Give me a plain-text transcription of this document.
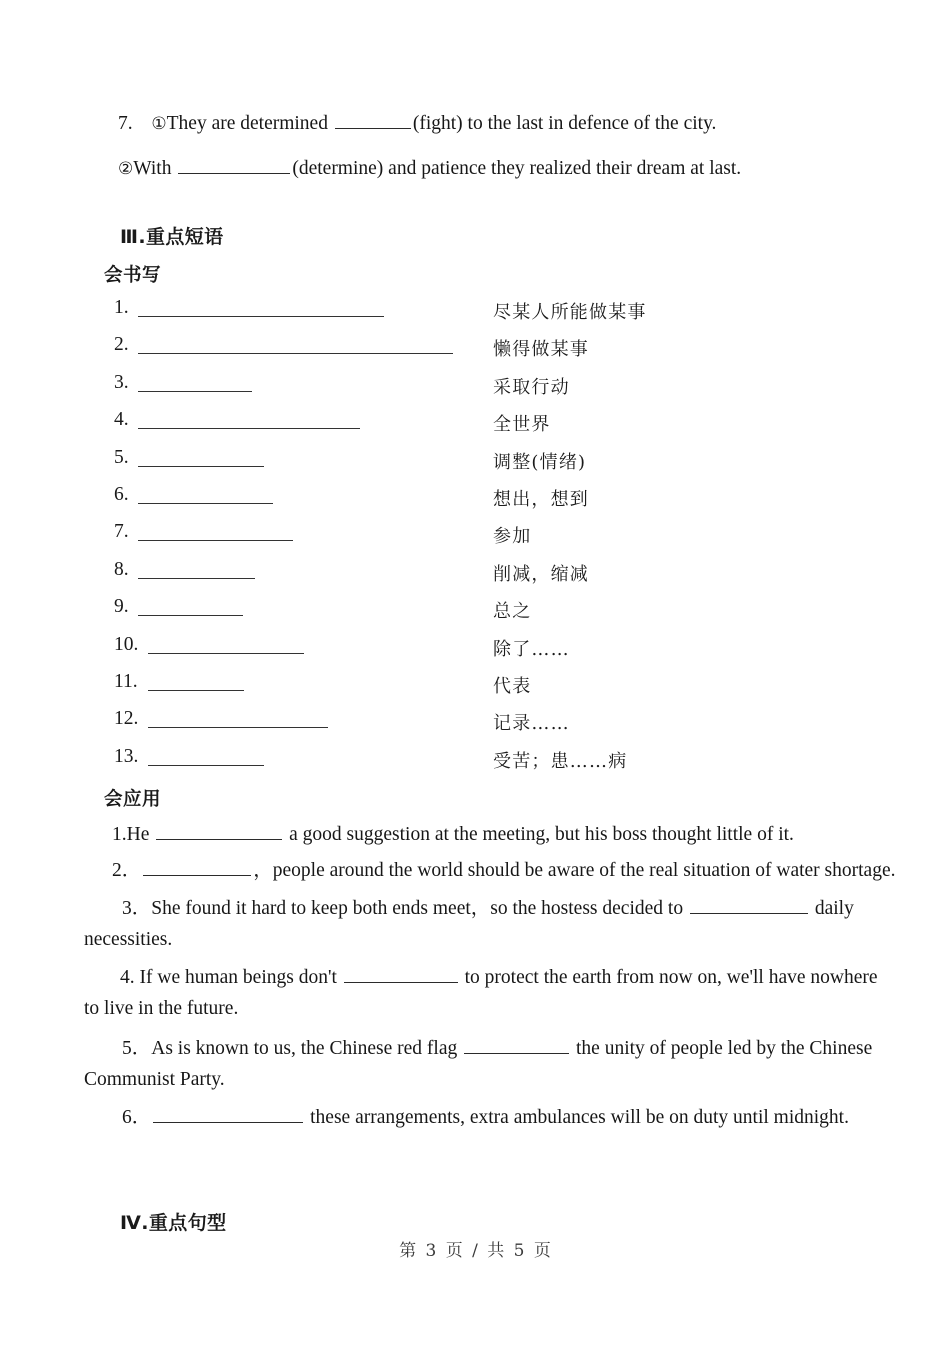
7. ①They are determined	(fight) to the last in defence of the city.
②With	(determine) and patience they realized their dream at last.
Ⅲ.重点短语
会书写
1.	尽某人所能做某事
2.	懒得做某事
3.	采取行动
4.	全世界
5.	调整(情绪)
6.	想出，想到
7.	参加
8.	削减，缩减
9.	总之
10.	除了……
11.	代表
12.	记录……
13.	受苦；患……病
会应用
1.He	a good suggestion at the meeting, but his boss thought little of it.
2．	，people around the world should be aware of the real situation of water shortage.
3．She found it hard to keep both ends meet，so the hostess decided to	daily
necessities.
4. If we human beings don't	to protect the earth from now on, we'll have nowhere
to live in the future.
5．As is known to us, the Chinese red flag	the unity of people led by the Chinese
Communist Party.
6．	these arrangements, extra ambulances will be on duty until midnight.
Ⅳ.重点句型
第 3 页 / 共 5 页
